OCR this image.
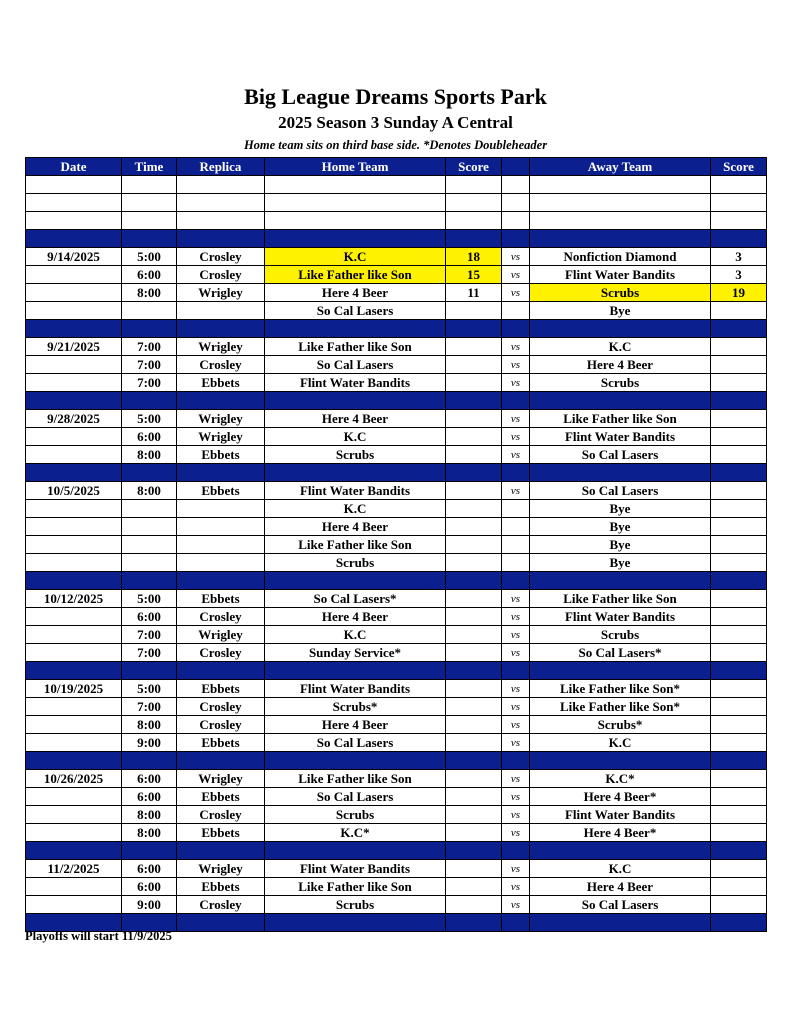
Big League Dreams Sports Park
2025 Season 3 Sunday A Central
Home team sits on third base side. *Denotes Doubleheader
Date	Time	Replica	Home Team	Score		Away Team	Score

9/14/2025	5:00	Crosley	K.C	18	vs	Nonfiction Diamond	3
	6:00	Crosley	Like Father like Son	15	vs	Flint Water Bandits	3
	8:00	Wrigley	Here 4 Beer	11	vs	Scrubs	19
			So Cal Lasers			Bye	

9/21/2025	7:00	Wrigley	Like Father like Son		vs	K.C	
	7:00	Crosley	So Cal Lasers		vs	Here 4 Beer	
	7:00	Ebbets	Flint Water Bandits		vs	Scrubs	

9/28/2025	5:00	Wrigley	Here 4 Beer		vs	Like Father like Son	
	6:00	Wrigley	K.C		vs	Flint Water Bandits	
	8:00	Ebbets	Scrubs		vs	So Cal Lasers	

10/5/2025	8:00	Ebbets	Flint Water Bandits		vs	So Cal Lasers	
			K.C			Bye	
			Here 4 Beer			Bye	
			Like Father like Son			Bye	
			Scrubs			Bye	

10/12/2025	5:00	Ebbets	So Cal Lasers*		vs	Like Father like Son	
	6:00	Crosley	Here 4 Beer		vs	Flint Water Bandits	
	7:00	Wrigley	K.C		vs	Scrubs	
	7:00	Crosley	Sunday Service*		vs	So Cal Lasers*	

10/19/2025	5:00	Ebbets	Flint Water Bandits		vs	Like Father like Son*	
	7:00	Crosley	Scrubs*		vs	Like Father like Son*	
	8:00	Crosley	Here 4 Beer		vs	Scrubs*	
	9:00	Ebbets	So Cal Lasers		vs	K.C	

10/26/2025	6:00	Wrigley	Like Father like Son		vs	K.C*	
	6:00	Ebbets	So Cal Lasers		vs	Here 4 Beer*	
	8:00	Crosley	Scrubs		vs	Flint Water Bandits	
	8:00	Ebbets	K.C*		vs	Here 4 Beer*	

11/2/2025	6:00	Wrigley	Flint Water Bandits		vs	K.C	
	6:00	Ebbets	Like Father like Son		vs	Here 4 Beer	
	9:00	Crosley	Scrubs		vs	So Cal Lasers	

Playoffs will start 11/9/2025
